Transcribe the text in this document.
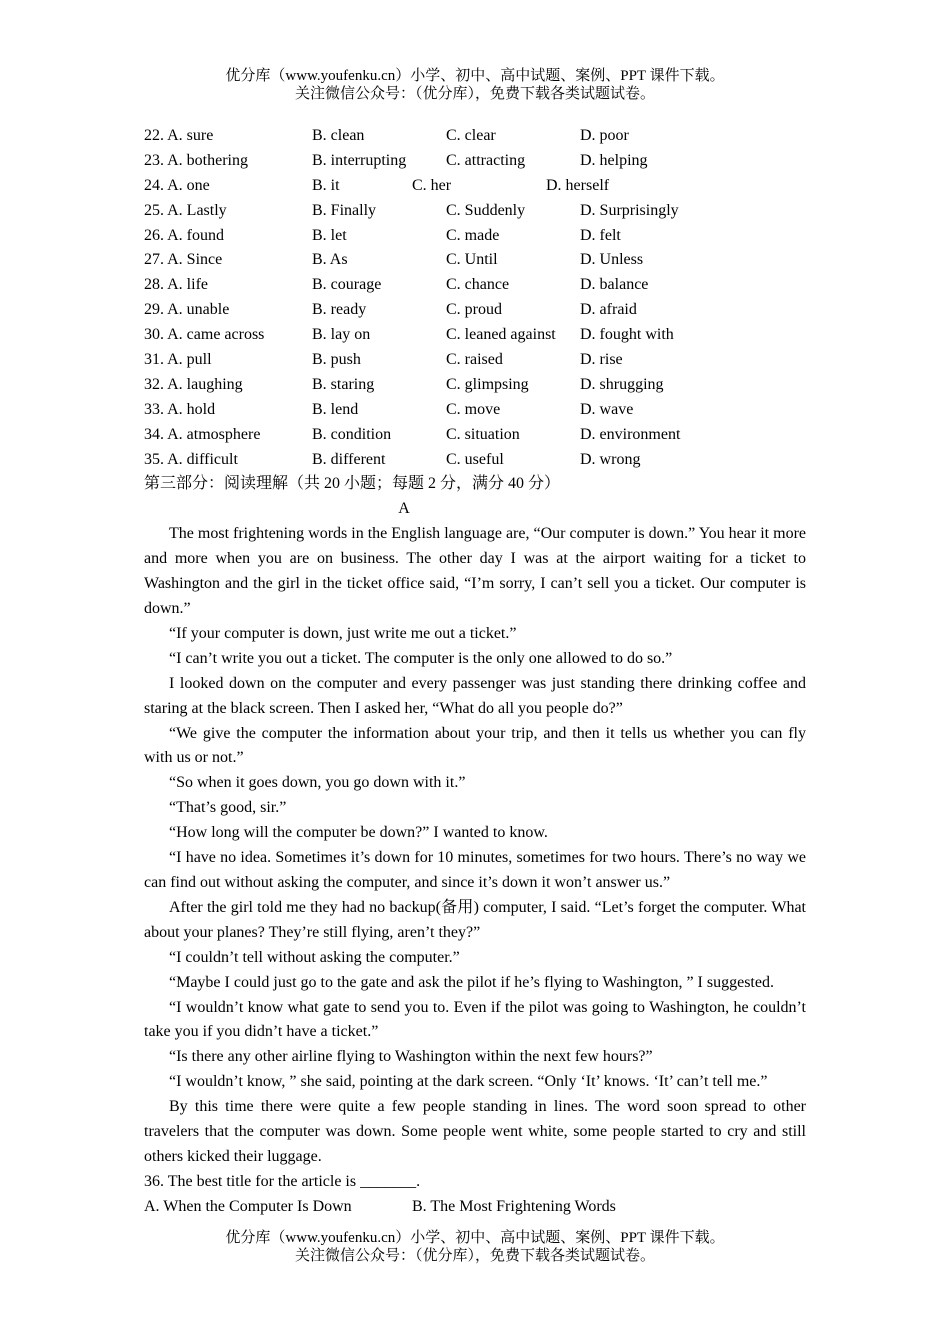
优分库（www.youfenku.cn）小学、初中、高中试题、案例、PPT 课件下载。
关注微信公众号：（优分库），免费下载各类试题试卷。
22. A. sure	B. clean	C. clear	D. poor
23. A. bothering	B. interrupting C. attracting	D. helping
24. A. one	B. it	C. her	D. herself
25. A. Lastly	B. Finally	C. Suddenly	D. Surprisingly
26. A. found	B. let	C. made	D. felt
27. A. Since	B. As	C. Until	D. Unless
28. A. life	B. courage	C. chance	D. balance
29. A. unable	B. ready	C. proud	D. afraid
30. A. came across	B. lay on	C. leaned against D. fought with
31. A. pull	B. push	C. raised	D. rise
32. A. laughing	B. staring	C. glimpsing	D. shrugging
33. A. hold	B. lend	C. move	D. wave
34. A. atmosphere	B. condition	C. situation	D. environment
35. A. difficult	B. different	C. useful	D. wrong
第三部分：阅读理解（共 20 小题；每题 2 分，满分 40 分）
A

The most frightening words in the English language are, “Our computer is down.” You hear it more and more when you are on business. The other day I was at the airport waiting for a ticket to Washington and the girl in the ticket office said, “I’m sorry, I can’t sell you a ticket. Our computer is down.”

“If your computer is down, just write me out a ticket.”

“I can’t write you out a ticket. The computer is the only one allowed to do so.”

I looked down on the computer and every passenger was just standing there drinking coffee and staring at the black screen. Then I asked her, “What do all you people do?”

“We give the computer the information about your trip, and then it tells us whether you can fly with us or not.”

“So when it goes down, you go down with it.”

“That’s good, sir.”

“How long will the computer be down?” I wanted to know.

“I have no idea. Sometimes it’s down for 10 minutes, sometimes for two hours. There’s no way we can find out without asking the computer, and since it’s down it won’t answer us.”

After the girl told me they had no backup(备用) computer, I said. “Let’s forget the computer. What about your planes? They’re still flying, aren’t they?”

“I couldn’t tell without asking the computer.”

“Maybe I could just go to the gate and ask the pilot if he’s flying to Washington, ” I suggested.

“I wouldn’t know what gate to send you to. Even if the pilot was going to Washington, he couldn’t take you if you didn’t have a ticket.”

“Is there any other airline flying to Washington within the next few hours?”

“I wouldn’t know, ” she said, pointing at the dark screen. “Only ‘It’ knows. ‘It’ can’t tell me.”

By this time there were quite a few people standing in lines. The word soon spread to other travelers that the computer was down. Some people went white, some people started to cry and still others kicked their luggage.

36. The best title for the article is _______.
A. When the Computer Is Down	B. The Most Frightening Words
优分库（www.youfenku.cn）小学、初中、高中试题、案例、PPT 课件下载。
关注微信公众号：（优分库），免费下载各类试题试卷。
